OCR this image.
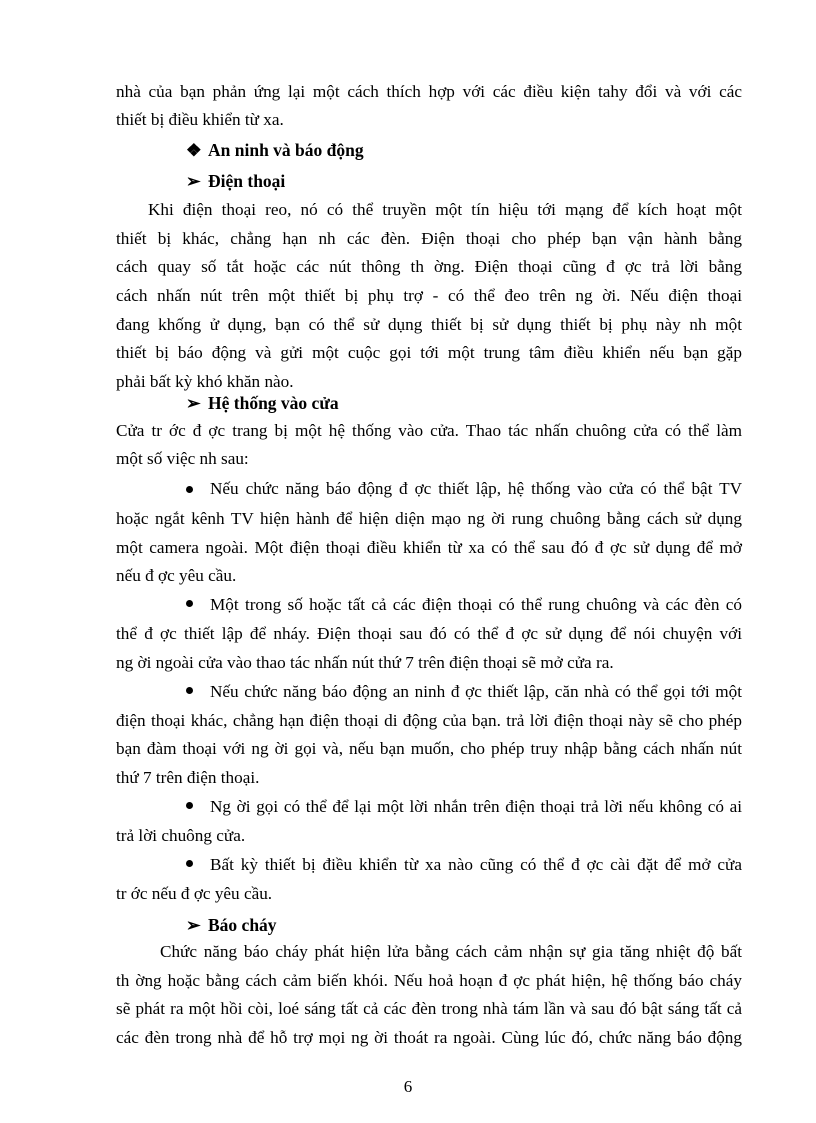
nhà của bạn phản ứng lại một cách thích hợp với các điều kiện tahy đổi và với các
thiết bị điều khiển từ xa.
❖ An ninh và báo động
➢ Điện thoại
Khi điện thoại reo, nó có thể truyền một tín hiệu tới mạng để kích hoạt một
thiết bị khác, chẳng hạn nh các đèn. Điện thoại cho phép bạn vận hành bằng
cách quay số tắt hoặc các nút thông th ờng. Điện thoại cũng đ ợc trả lời bằng
cách nhấn nút trên một thiết bị phụ trợ - có thể đeo trên ng ời. Nếu điện thoại
đang khống ử dụng, bạn có thể sử dụng thiết bị sử dụng thiết bị phụ này nh một
thiết bị báo động và gửi một cuộc gọi tới một trung tâm điều khiển nếu bạn gặp
phải bất kỳ khó khăn nào.
➢ Hệ thống vào cửa
Cửa tr ớc đ ợc trang bị một hệ thống vào cửa. Thao tác nhấn chuông cửa có thể làm
một số việc nh sau:
Nếu chức năng báo động đ ợc thiết lập, hệ thống vào cửa có thể bật TV
hoặc ngắt kênh TV hiện hành để hiện diện mạo ng ời rung chuông bằng cách sử dụng
một camera ngoài. Một điện thoại điều khiển từ xa có thể sau đó đ ợc sử dụng để mở
nếu đ ợc yêu cầu.
Một trong số hoặc tất cả các điện thoại có thể rung chuông và các đèn có
thể đ ợc thiết lập để nháy. Điện thoại sau đó có thể đ ợc sử dụng để nói chuyện với
ng ời ngoài cửa vào thao tác nhấn nút thứ 7 trên điện thoại sẽ mở cửa ra.
Nếu chức năng báo động an ninh đ ợc thiết lập, căn nhà có thể gọi tới một
điện thoại khác, chẳng hạn điện thoại di động của bạn. trả lời điện thoại này sẽ cho phép
bạn đàm thoại với ng ời gọi và, nếu bạn muốn, cho phép truy nhập bằng cách nhấn nút
thứ 7 trên điện thoại.
Ng ời gọi có thể để lại một lời nhắn trên điện thoại trả lời nếu không có ai
trả lời chuông cửa.
Bất kỳ thiết bị điều khiển từ xa nào cũng có thể đ ợc cài đặt để mở cửa
tr ớc nếu đ ợc yêu cầu.
➢ Báo cháy
Chức năng báo cháy phát hiện lửa bằng cách cảm nhận sự gia tăng nhiệt độ bất
th ờng hoặc bằng cách cảm biến khói. Nếu hoả hoạn đ ợc phát hiện, hệ thống báo cháy
sẽ phát ra một hồi còi, loé sáng tất cả các đèn trong nhà tám lần và sau đó bật sáng tất cả
các đèn trong nhà để hỗ trợ mọi ng ời thoát ra ngoài. Cùng lúc đó, chức năng báo động
6
